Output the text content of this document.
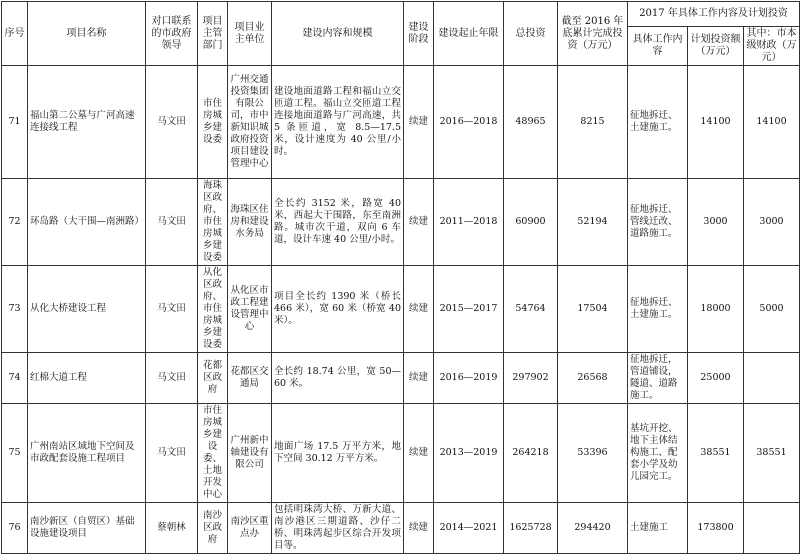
序号	项目名称	对口联系的市政府领导	项目主管部门	项目业主单位	建设内容和规模	建设阶段	建设起止年限	总投资	截至 2016 年底累计完成投资（万元）	2017 年具体工作内容及计划投资		
										具体工作内容	计划投资额（万元）	其中：市本级财政（万元）
71	福山第二公墓与广河高速连接线工程	马文田	市住房城乡建设委	广州交通投资集团有限公司，市中新知识城政府投资项目建设管理中心	建设地面道路工程和福山立交匝道工程。福山立交匝道工程连接地面道路与广河高速，共 5 条匝道，宽 8.5—17.5 米，设计速度为 40 公里/小时。	续建	2016—2018	48965	8215	征地拆迁、土建施工。	14100	14100
72	环岛路（大干围—南洲路）	马文田	海珠区政府、市住房城乡建设委	海珠区住房和建设水务局	全长约 3152 米，路宽 40 米，西起大干围路，东至南洲路。城市次干道，双向 6 车道，设计车速 40 公里/小时。	续建	2011—2018	60900	52194	征地拆迁、管线迁改、道路施工。	3000	3000
73	从化大桥建设工程	马文田	从化区政府、市住房城乡建设委	从化区市政工程建设管理中心	项目全长约 1390 米（桥长 466 米），宽 60 米（桥宽 40 米）。	续建	2015—2017	54764	17504	征地拆迁、土建施工。	18000	5000
74	红棉大道工程	马文田	花都区政府	花都区交通局	全长约 18.74 公里，宽 50—60 米。	续建	2016—2019	297902	26568	征地拆迁，管道铺设，隧道、道路施工。	25000	
75	广州南站区域地下空间及市政配套设施工程项目	马文田	市住房城乡建设委、土地开发中心	广州新中轴建设有限公司	地面广场 17.5 万平方米，地下空间 30.12 万平方米。	续建	2013—2019	264218	53396	基坑开挖、地下主体结构施工、配套小学及幼儿园完工。	38551	38551
76	南沙新区（自贸区）基础设施建设项目	蔡朝林	南沙区政府	南沙区重点办	包括明珠湾大桥、万新大道、南沙港区三期道路、沙仔二桥、明珠湾起步区综合开发项目等。	续建	2014—2021	1625728	294420	土建施工	173800	
